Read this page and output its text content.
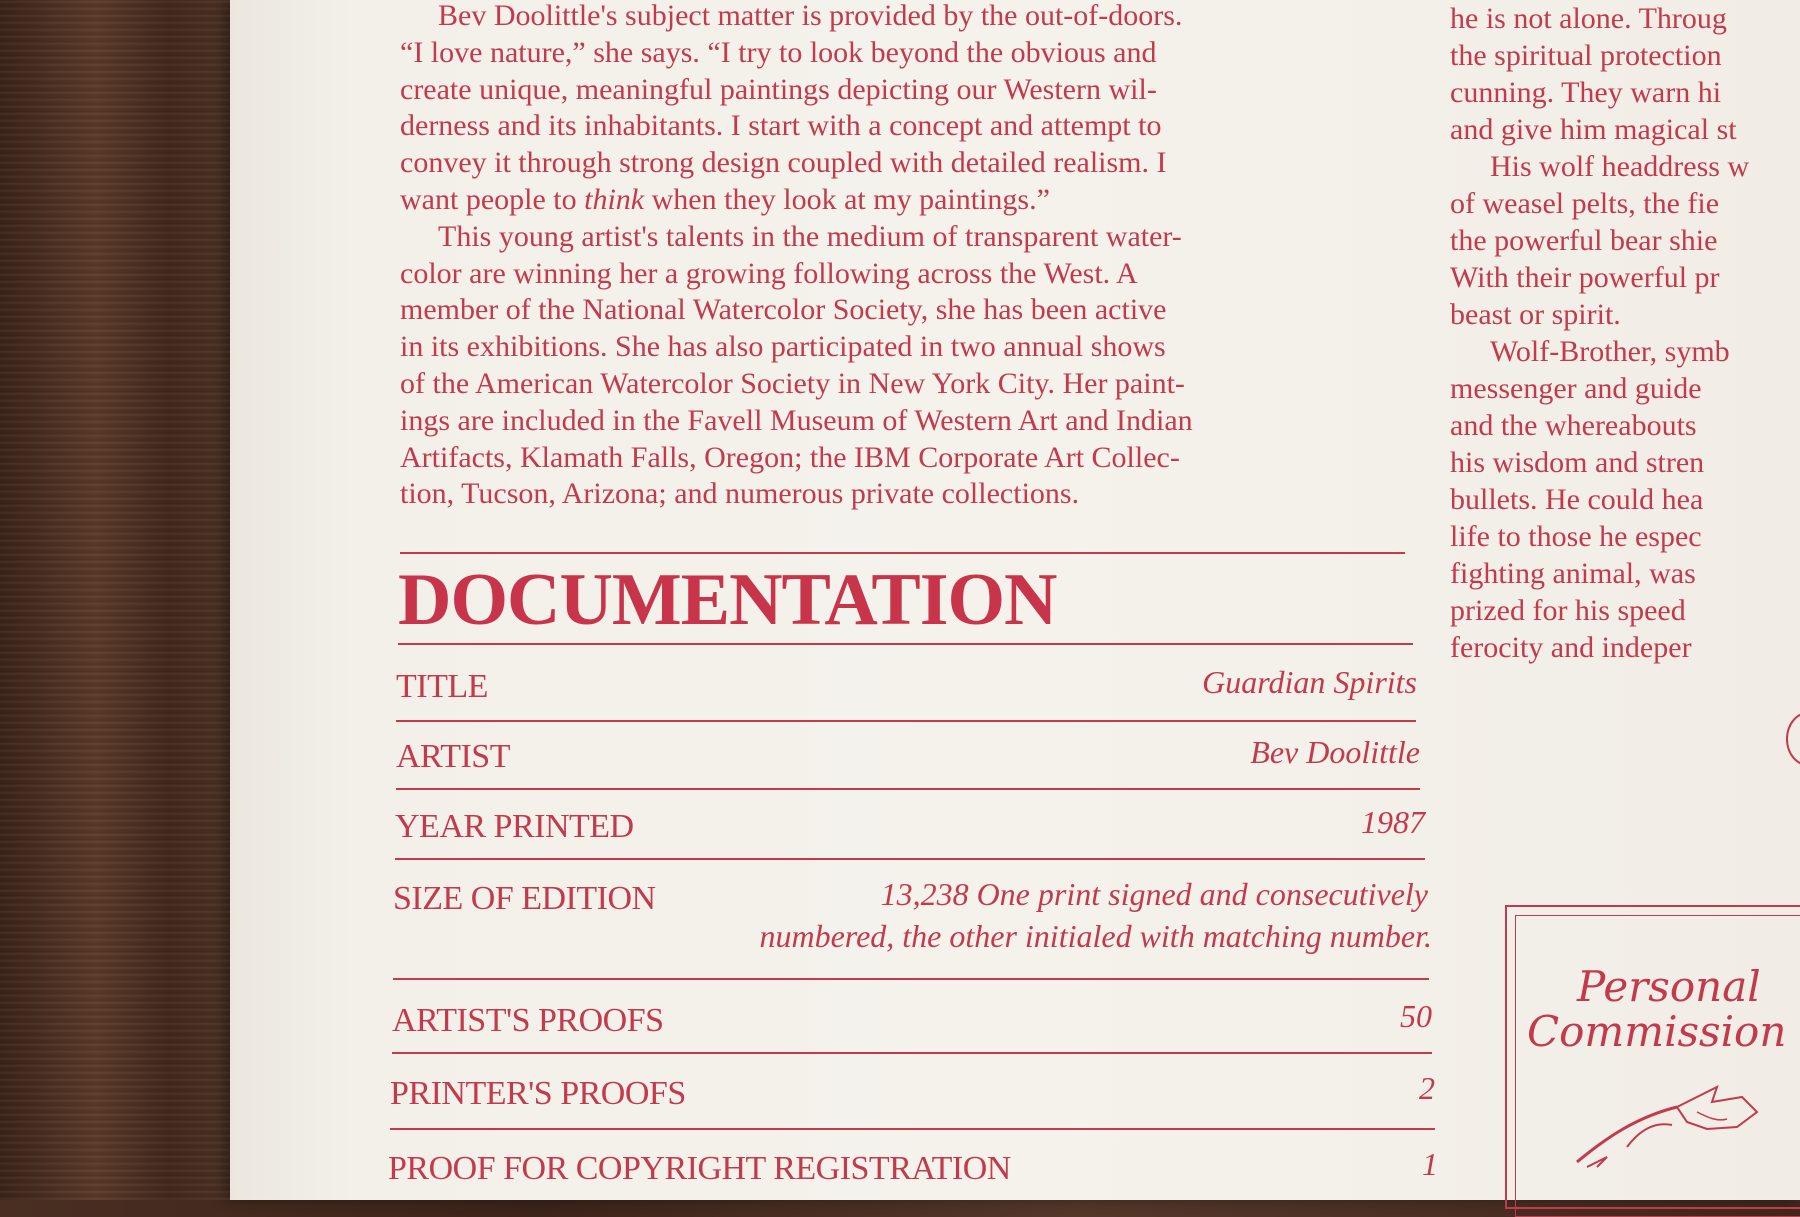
Bev Doolittle's subject matter is provided by the out-of-doors.
“I love nature,” she says. “I try to look beyond the obvious and
create unique, meaningful paintings depicting our Western wil-
derness and its inhabitants. I start with a concept and attempt to
convey it through strong design coupled with detailed realism. I
want people to think when they look at my paintings.”
This young artist's talents in the medium of transparent water-
color are winning her a growing following across the West. A
member of the National Watercolor Society, she has been active
in its exhibitions. She has also participated in two annual shows
of the American Watercolor Society in New York City. Her paint-
ings are included in the Favell Museum of Western Art and Indian
Artifacts, Klamath Falls, Oregon; the IBM Corporate Art Collec-
tion, Tucson, Arizona; and numerous private collections.
he is not alone. Throug
the spiritual protection
cunning. They warn hi
and give him magical st
His wolf headdress w
of weasel pelts, the fie
the powerful bear shie
With their powerful pr
beast or spirit.
Wolf-Brother, symb
messenger and guide
and the whereabouts
his wisdom and stren
bullets. He could hea
life to those he espec
fighting animal, was
prized for his speed
ferocity and indeper
DOCUMENTATION
TITLE	Guardian Spirits
ARTIST	Bev Doolittle
YEAR PRINTED	1987
SIZE OF EDITION	13,238 One print signed and consecutively
numbered, the other initialed with matching number.
ARTIST'S PROOFS	50
PRINTER'S PROOFS	2
PROOF FOR COPYRIGHT REGISTRATION	1
Personal
Commission
